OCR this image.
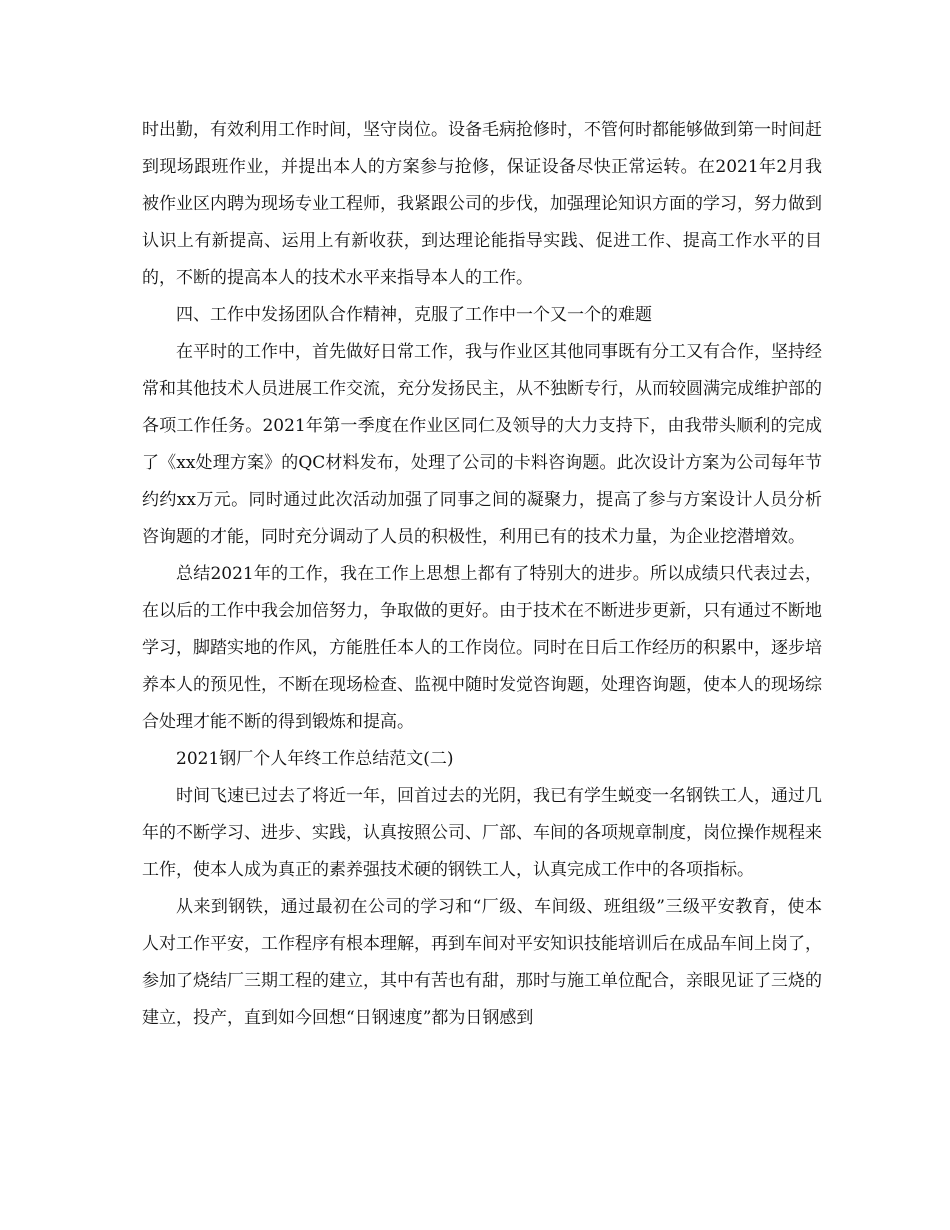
时出勤，有效利用工作时间，坚守岗位。设备毛病抢修时，不管何时都能够做到第一时间赶到现场跟班作业，并提出本人的方案参与抢修，保证设备尽快正常运转。在2021年2月我被作业区内聘为现场专业工程师，我紧跟公司的步伐，加强理论知识方面的学习，努力做到认识上有新提高、运用上有新收获，到达理论能指导实践、促进工作、提高工作水平的目的，不断的提高本人的技术水平来指导本人的工作。

四、工作中发扬团队合作精神，克服了工作中一个又一个的难题

在平时的工作中，首先做好日常工作，我与作业区其他同事既有分工又有合作，坚持经常和其他技术人员进展工作交流，充分发扬民主，从不独断专行，从而较圆满完成维护部的各项工作任务。2021年第一季度在作业区同仁及领导的大力支持下，由我带头顺利的完成了《xx处理方案》的QC材料发布，处理了公司的卡料咨询题。此次设计方案为公司每年节约约xx万元。同时通过此次活动加强了同事之间的凝聚力，提高了参与方案设计人员分析咨询题的才能，同时充分调动了人员的积极性，利用已有的技术力量，为企业挖潜增效。

总结2021年的工作，我在工作上思想上都有了特别大的进步。所以成绩只代表过去，在以后的工作中我会加倍努力，争取做的更好。由于技术在不断进步更新，只有通过不断地学习，脚踏实地的作风，方能胜任本人的工作岗位。同时在日后工作经历的积累中，逐步培养本人的预见性，不断在现场检查、监视中随时发觉咨询题，处理咨询题，使本人的现场综合处理才能不断的得到锻炼和提高。

2021钢厂个人年终工作总结范文(二)

时间飞速已过去了将近一年，回首过去的光阴，我已有学生蜕变一名钢铁工人，通过几年的不断学习、进步、实践，认真按照公司、厂部、车间的各项规章制度，岗位操作规程来工作，使本人成为真正的素养强技术硬的钢铁工人，认真完成工作中的各项指标。

从来到钢铁，通过最初在公司的学习和“厂级、车间级、班组级”三级平安教育，使本人对工作平安，工作程序有根本理解，再到车间对平安知识技能培训后在成品车间上岗了，参加了烧结厂三期工程的建立，其中有苦也有甜，那时与施工单位配合，亲眼见证了三烧的建立，投产，直到如今回想“日钢速度”都为日钢感到
